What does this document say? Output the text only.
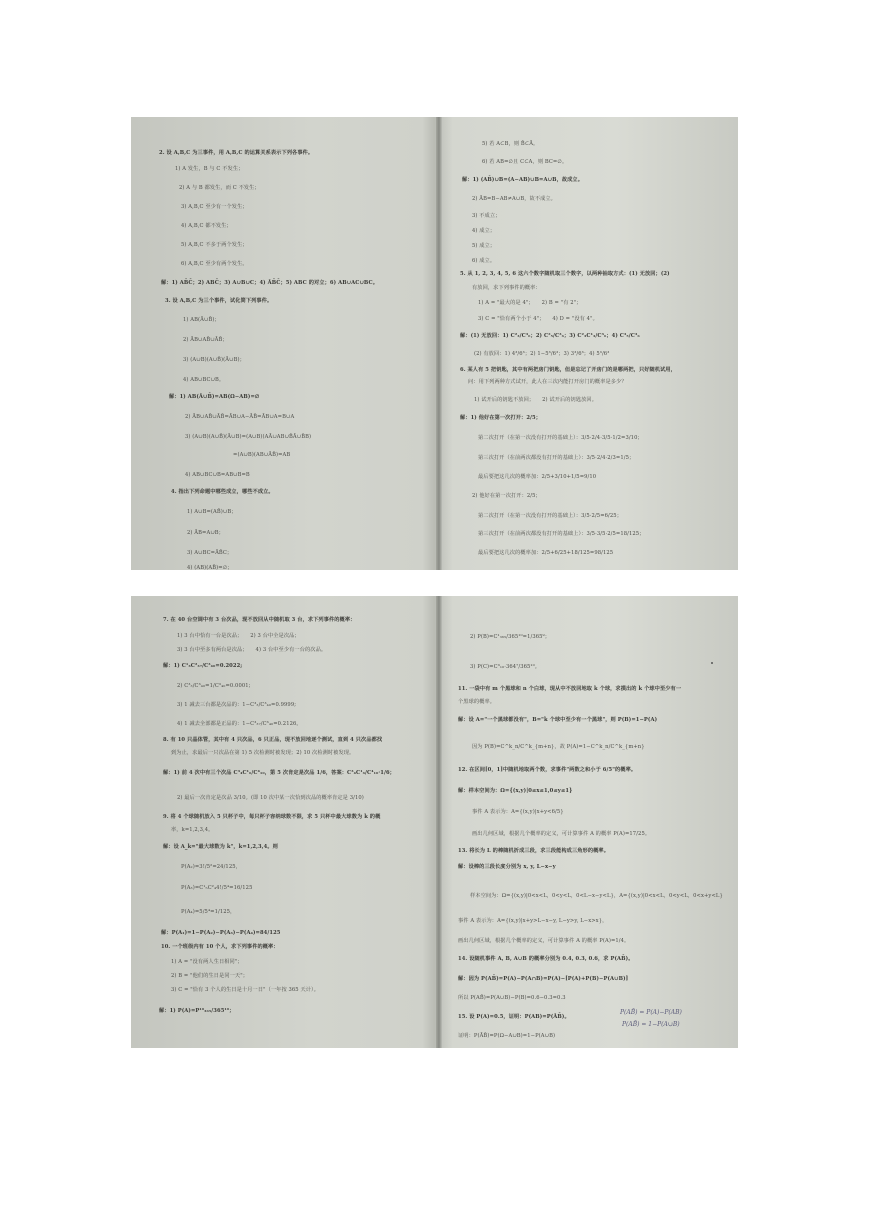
2. 设 A,B,C 为三事件，用 A,B,C 的运算关系表示下列各事件。
1) A 发生，B 与 C 不发生；
2) A 与 B 都发生，而 C 不发生；
3) A,B,C 至少有一个发生；
4) A,B,C 都不发生；
5) A,B,C 不多于两个发生；
6) A,B,C 至少有两个发生。
解：1) AB̄C̄；2) ABC̄；3) A∪B∪C；4) ĀB̄C̄；5) ABC 的对立；6) AB∪AC∪BC。
3. 设 A,B,C 为三个事件，试化简下列事件。
1) AB(Ā∪B̄)；
2) ĀB∪AB̄∪ĀB̄；
3) (A∪B)(A∪B̄)(Ā∪B)；
4) AB∪BC∪B。
解：1) AB(Ā∪B̄)=AB(Ω−AB)=∅
2) ĀB∪AB̄∪ĀB̄=ĀB∪A−ĀB̄=ĀB∪A=B∪A
3) (A∪B)(A∪B̄)(Ā∪B)=(A∪B)(AĀ∪AB∪B̄Ā∪B̄B)
=(A∪B)(AB∪ĀB̄)=AB
4) AB∪BC∪B=AB∪B=B
4. 指出下列命题中哪些成立，哪些不成立。
1) A∪B=(AB̄)∪B；
2) ĀB=A∪B；
3) A∪BC=ĀB̄C；
4) (AB)(AB̄)=∅；
5) 若 A⊂B，则 B̄⊂Ā。
6) 若 AB=∅且 C⊂A，则 BC=∅。
解：1) (AB̄)∪B=(A−AB)∪B=A∪B，故成立。
2) ĀB=B−AB≠A∪B，故不成立。
3) 不成立；
4) 成立；
5) 成立；
6) 成立。
5. 从 1, 2, 3, 4, 5, 6 这六个数字随机取三个数字，以两种抽取方式：(1) 无放回；(2)
有放回，求下列事件的概率：
1) A = "最大的是 4"；　　2) B = "有 2"；
3) C = "恰有两个小于 4"；　　4) D = "没有 4"。
解：(1) 无放回：1) C²₃/C³₆；2) C²₅/C³₆；3) C²₃C¹₃/C³₆；4) C³₅/C³₆
(2) 有放回：1) 4³/6³；2) 1−5³/6³；3) 3³/6³；4) 5³/6³
6. 某人有 5 把钥匙，其中有两把房门钥匙，但是忘记了开房门的是哪两把，只好随机试用，
问：用下列两种方式试开，此人在三次内能打开房门的概率是多少？
1) 试开后的钥匙不放回；　　2) 试开后的钥匙放回。
解：1) 他好在第一次打开：2/5；
第二次打开（在第一次没有打开的基础上）：3/5·2/4·3/5·1/2=3/10；
第三次打开（在前两次都没有打开的基础上）：3/5·2/4·2/3=1/5；
最后要把这几次的概率加：2/5+3/10+1/5=9/10
2) 他好在第一次打开：2/5；
第二次打开（在第一次没有打开的基础上）：3/5·2/5=6/25；
第三次打开（在前两次都没有打开的基础上）：3/5·3/5·2/5=18/125；
最后要把这几次的概率加：2/5+6/25+18/125=98/125
7. 在 40 台空调中有 3 台次品，现不放回从中随机取 3 台，求下列事件的概率：
1) 3 台中恰有一台是次品；　　2) 3 台中全是次品；
3) 3 台中至多有两台是次品；　　4) 3 台中至少有一台的次品。
解：1) C¹₃C²₃₇/C³₄₀=0.2022;
2) C³₃/C³₄₀=1/C³₄₀=0.0001;
3) 1 减去三台都是次品的：1−C³₃/C³₄₀=0.9999;
4) 1 减去全部都是正品的：1−C³₃₇/C³₄₀=0.2126。
8. 有 10 只晶体管，其中有 4 只次品，6 只正品，现不放回地逐个测试，直到 4 只次品都找
到为止，求最后一只次品在第 1) 5 次检测时被发现；2) 10 次检测时被发现。
解：1) 前 4 次中有三个次品 C³₄C¹₆/C⁴₁₀，第 5 次肯定是次品 1/6，答案：C³₄C¹₆/C⁴₁₀·1/6；
2) 最后一次肯定是次品 3/10。(即 10 次中某一次恰到次品的概率肯定是 3/10)
9. 将 4 个球随机放入 5 只杯子中，每只杯子容纳球数不限，求 5 只杯中最大球数为 k 的概
率，k=1,2,3,4。
解：设 A_k="最大球数为 k"，k=1,2,3,4。则
P(A₂)=3!/5²=24/125，
P(A₃)=C¹₅C²₄4!/5⁴=16/125
P(A₄)=5/5⁴=1/125，
解：P(A₁)=1−P(A₂)−P(A₃)−P(A₄)=84/125
10. 一个班级内有 10 个人，求下列事件的概率：
1) A = "没有两人生日相同"；
2) B = "他们的生日是同一天"；
3) C = "恰有 3 个人的生日是十月一日"（一年按 365 天计）。
解：1) P(A)=P¹⁰₃₆₅/365¹⁰；
2) P(B)=C¹₃₆₅/365¹⁰=1/365⁹；
3) P(C)=C³₁₀·364⁷/365¹⁰。
11. 一袋中有 m 个黑球和 n 个白球，现从中不放回地取 k 个球，求摸出的 k 个球中至少有一
个黑球的概率。
解：设 A="一个黑球都没有"，B="k 个球中至少有一个黑球"，则 P(B)=1−P(A)
因为 P(B)=C^k_n/C^k_{m+n}，故 P(A)=1−C^k_n/C^k_{m+n}
12. 在区间[0，1]中随机地取两个数，求事件"两数之和小于 6/5"的概率。
解：样本空间为：Ω={(x,y)|0≤x≤1,0≤y≤1}
事件 A 表示为：A={(x,y)|x+y<6/5}
画出几何区域，根据几个概率的定义，可计算事件 A 的概率 P(A)=17/25。
13. 将长为 L 的棒随机折成三段，求三段能构成三角形的概率。
解：设棒的三段长度分别为 x, y, L−x−y
样本空间为：Ω={(x,y)|0<x<L，0<y<L，0<L−x−y<L}，A={(x,y)|0<x<L，0<y<L，0<x+y<L}
事件 A 表示为：A={(x,y)|x+y>L−x−y, L−y>y, L−x>x}，
画出几何区域，根据几个概率的定义，可计算事件 A 的概率 P(A)=1/4。
14. 设随机事件 A, B, A∪B 的概率分别为 0.4, 0.3, 0.6，求 P(AB̄)。
解：因为 P(AB̄)=P(A)−P(A∩B)=P(A)−[P(A)+P(B)−P(A∪B)]
所以 P(AB̄)=P(A∪B)−P(B)=0.6−0.3=0.3
15. 设 P(A)=0.5，证明：P(AB)=P(ĀB̄)。
证明：P(ĀB̄)=P(Ω−A∪B)=1−P(A∪B)
P(AB̄) = P(A)−P(AB)
P(AB̄) = 1−P(A∪B)
